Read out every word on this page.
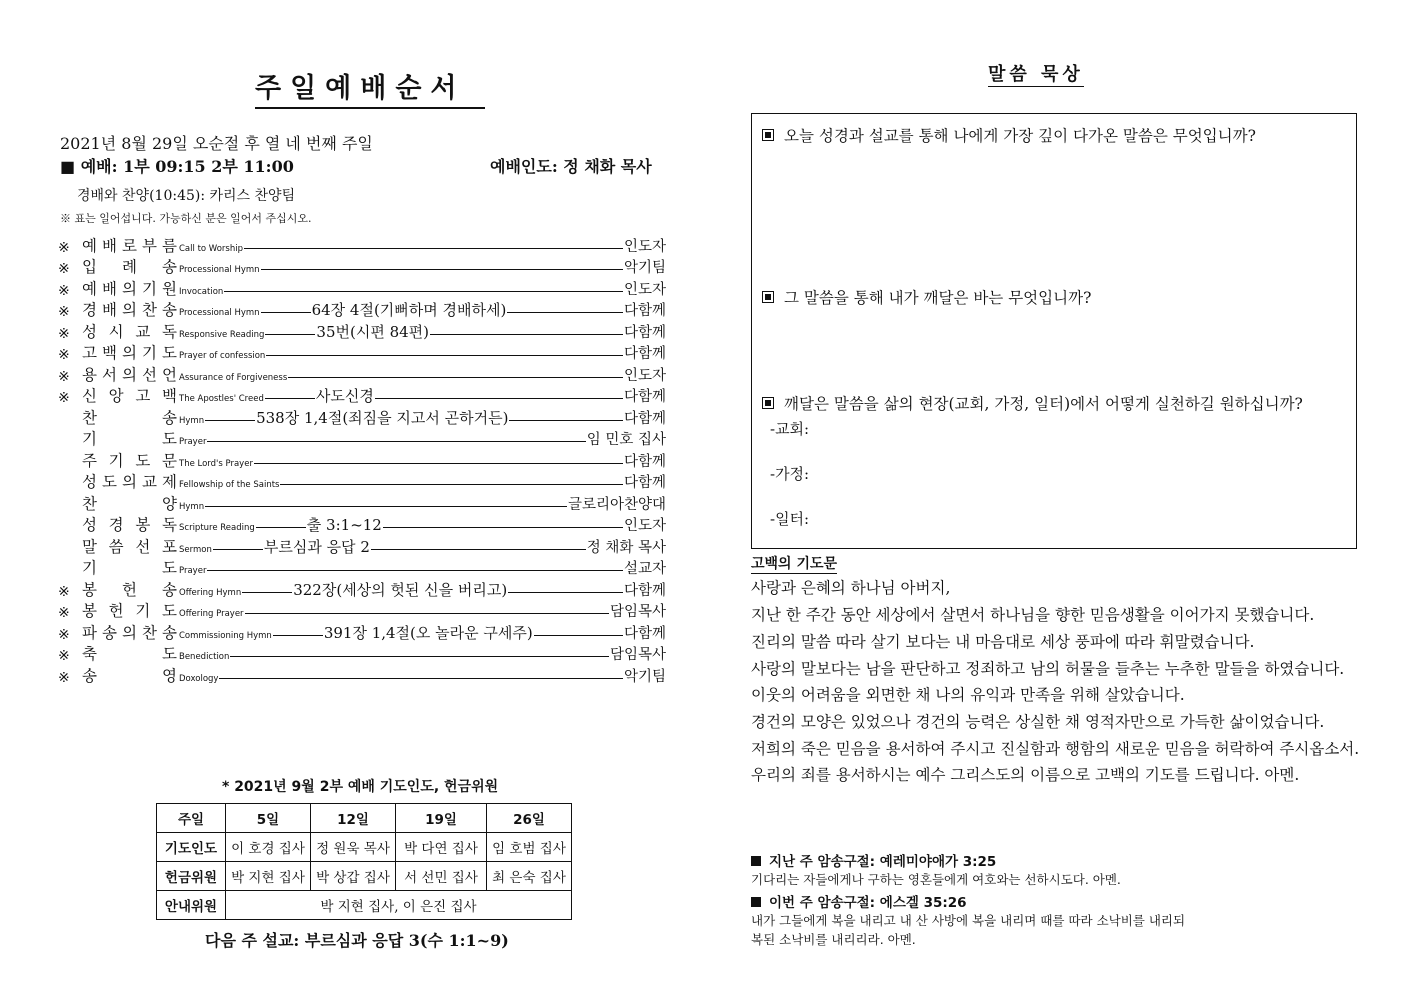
주일예배순서
2021년 8월 29일 오순절 후 열 네 번째 주일
■ 예배: 1부 09:15 2부 11:00	예배인도: 정 채화 목사
경배와 찬양(10:45): 카리스 찬양팀
※ 표는 일어섭니다. 가능하신 분은 일어서 주십시오.
※ 예 배 로 부 름 Call to Worship	인도자
※ 입 례 송 Processional Hymn	악기팀
※ 예 배 의 기 원 Invocation	인도자
※ 경 배 의 찬 송 Processional Hymn	64장 4절(기뻐하며 경배하세)	다함께
※ 성 시 교 독 Responsive Reading	35번(시편 84편)	다함께
※ 고 백 의 기 도 Prayer of confession	다함께
※ 용 서 의 선 언 Assurance of Forgiveness	인도자
※ 신 앙 고 백 The Apostles' Creed	사도신경	다함께
찬	송 Hymn	538장 1,4절(죄짐을 지고서 곤하거든)	다함께
기	도 Prayer	임 민호 집사
주 기 도 문 The Lord's Prayer	다함께
성 도 의 교 제 Fellowship of the Saints	다함께
찬	양 Hymn	글로리아찬양대
성 경 봉 독 Scripture Reading	출 3:1~12	인도자
말 씀 선 포 Sermon	부르심과 응답 2	정 채화 목사
기	도 Prayer	설교자
※ 봉 헌 송 Offering Hymn	322장(세상의 헛된 신을 버리고)	다함께
※ 봉 헌 기 도 Offering Prayer	담임목사
※ 파 송 의 찬 송 Commissioning Hymn	391장 1,4절(오 놀라운 구세주)	다함께
※ 축	도 Benediction	담임목사
※ 송	영 Doxology	악기팀
* 2021년 9월 2부 예배 기도인도, 헌금위원
주일	5일	12일	19일	26일
기도인도	이 호경 집사	정 원욱 목사	박 다연 집사	임 호범 집사
헌금위원	박 지현 집사	박 상갑 집사	서 선민 집사	최 은숙 집사
안내위원	박 지현 집사, 이 은진 집사			
다음 주 설교: 부르심과 응답 3(수 1:1~9)
말씀 묵상
오늘 성경과 설교를 통해 나에게 가장 깊이 다가온 말씀은 무엇입니까?
그 말씀을 통해 내가 깨달은 바는 무엇입니까?
깨달은 말씀을 삶의 현장(교회, 가정, 일터)에서 어떻게 실천하길 원하십니까?
-교회:
-가정:
-일터:
고백의 기도문
사랑과 은혜의 하나님 아버지,
지난 한 주간 동안 세상에서 살면서 하나님을 향한 믿음생활을 이어가지 못했습니다.
진리의 말씀 따라 살기 보다는 내 마음대로 세상 풍파에 따라 휘말렸습니다.
사랑의 말보다는 남을 판단하고 정죄하고 남의 허물을 들추는 누추한 말들을 하였습니다.
이웃의 어려움을 외면한 채 나의 유익과 만족을 위해 살았습니다.
경건의 모양은 있었으나 경건의 능력은 상실한 채 영적자만으로 가득한 삶이었습니다.
저희의 죽은 믿음을 용서하여 주시고 진실함과 행함의 새로운 믿음을 허락하여 주시옵소서.
우리의 죄를 용서하시는 예수 그리스도의 이름으로 고백의 기도를 드립니다. 아멘.
지난 주 암송구절: 예레미야애가 3:25
기다리는 자들에게나 구하는 영혼들에게 여호와는 선하시도다. 아멘.
이번 주 암송구절: 에스겔 35:26
내가 그들에게 복을 내리고 내 산 사방에 복을 내리며 때를 따라 소낙비를 내리되
복된 소낙비를 내리리라. 아멘.
